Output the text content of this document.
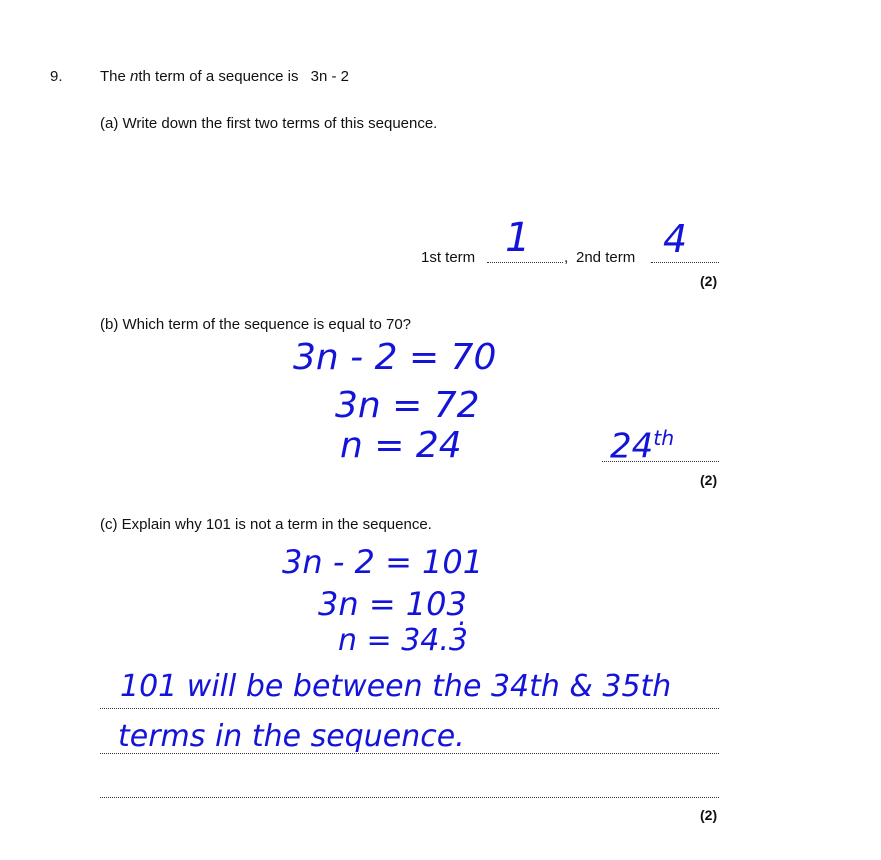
9. The nth term of a sequence is 3n - 2
(a) Write down the first two terms of this sequence.
1st term	,
1	2nd term 4
(2)
(b) Which term of the sequence is equal to 70?
3n - 2 = 70
3n = 72
n = 24	24th
(2)
(c) Explain why 101 is not a term in the sequence.
3n - 2 = 101
3n = 103
n = 34.3̇
101 will be between the 34th & 35th
terms in the sequence.
(2)
